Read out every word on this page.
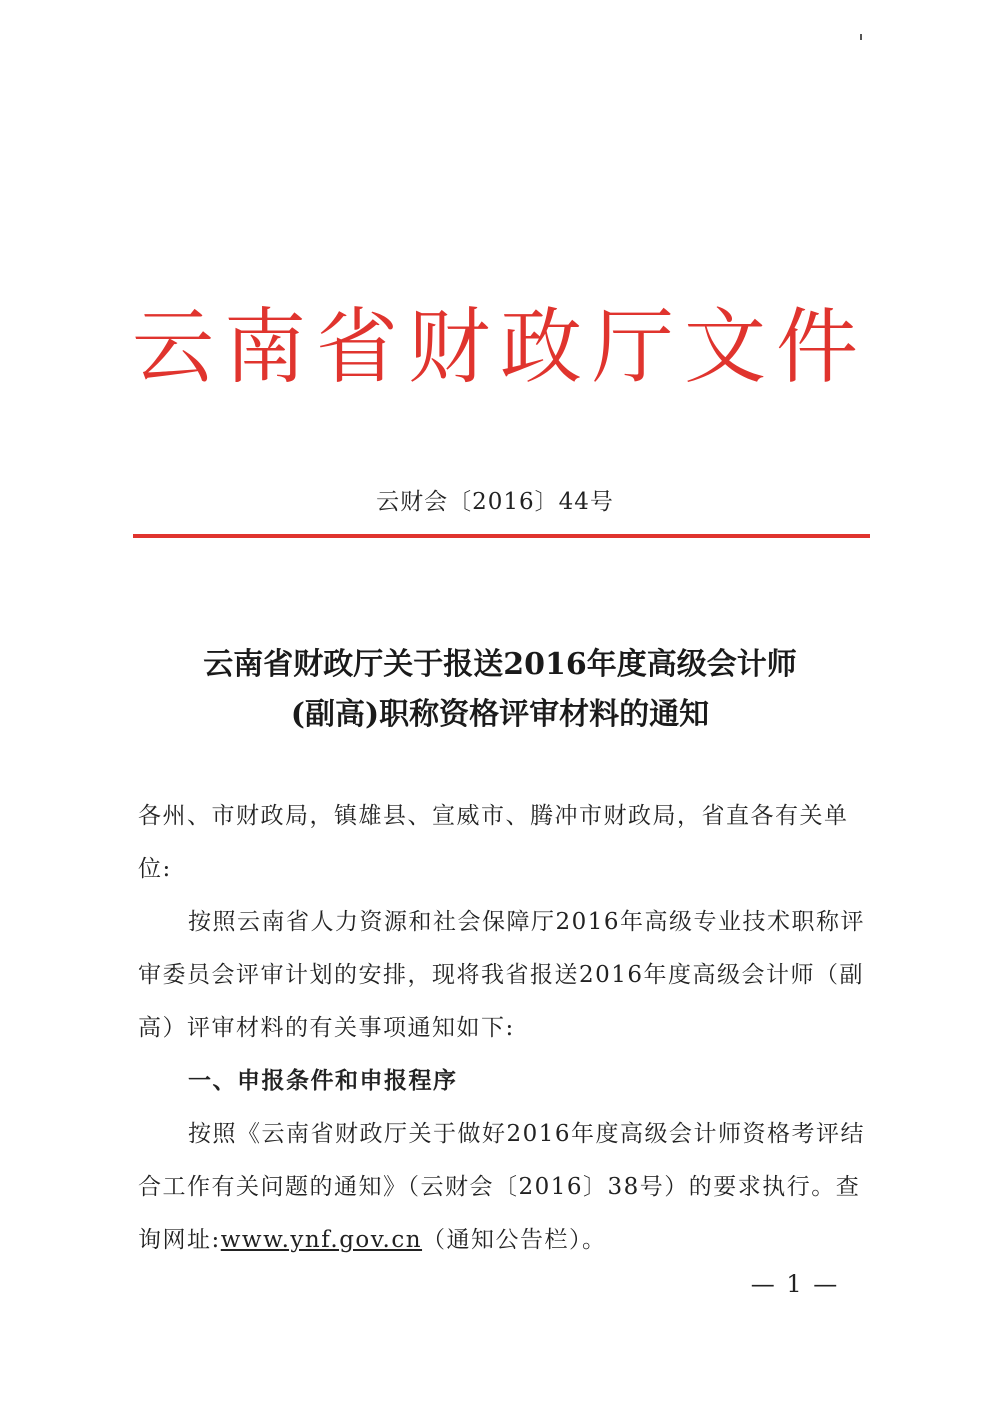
云南省财政厅文件
云财会〔2016〕44号
云南省财政厅关于报送2016年度高级会计师
(副高)职称资格评审材料的通知

各州、市财政局，镇雄县、宣威市、腾冲市财政局，省直各有关单位:

按照云南省人力资源和社会保障厅2016年高级专业技术职称评审委员会评审计划的安排，现将我省报送2016年度高级会计师（副高）评审材料的有关事项通知如下:

一、申报条件和申报程序

按照《云南省财政厅关于做好2016年度高级会计师资格考评结合工作有关问题的通知》（云财会〔2016〕38号）的要求执行。查询网址:www.ynf.gov.cn（通知公告栏）。

— 1 —
